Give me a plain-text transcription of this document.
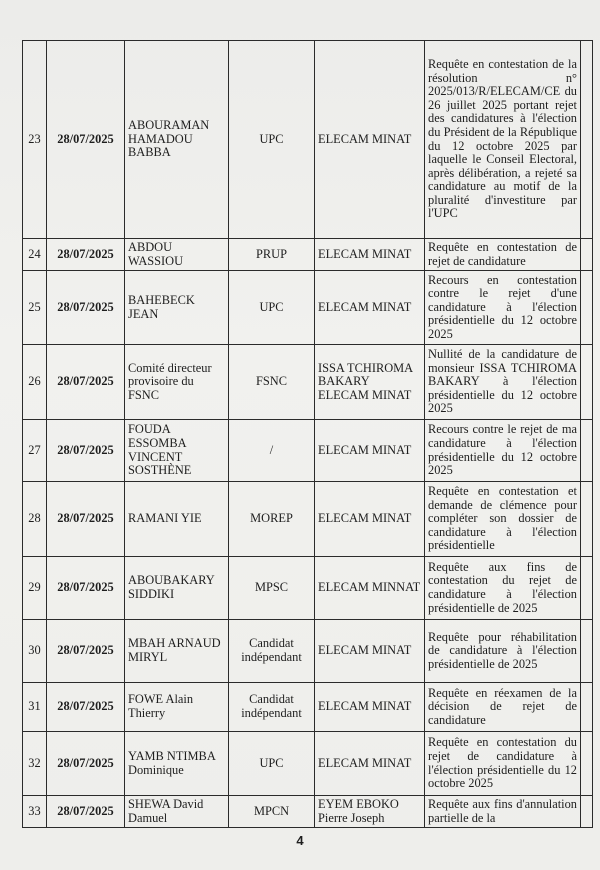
23	28/07/2025	ABOURAMAN HAMADOU BABBA	UPC	ELECAM MINAT	Requête en contestation de la résolution n° 2025/013/R/ELECAM/CE du 26 juillet 2025 portant rejet des candidatures à l'élection du Président de la République du 12 octobre 2025 par laquelle le Conseil Electoral, après délibération, a rejeté sa candidature au motif de la pluralité d'investiture par l'UPC	
24	28/07/2025	ABDOU WASSIOU	PRUP	ELECAM MINAT	Requête en contestation de rejet de candidature	
25	28/07/2025	BAHEBECK JEAN	UPC	ELECAM MINAT	Recours en contestation contre le rejet d'une candidature à l'élection présidentielle du 12 octobre 2025	
26	28/07/2025	Comité directeur provisoire du FSNC	FSNC	ISSA TCHIROMA BAKARY ELECAM MINAT	Nullité de la candidature de monsieur ISSA TCHIROMA BAKARY à l'élection présidentielle du 12 octobre 2025	
27	28/07/2025	FOUDA ESSOMBA VINCENT SOSTHÈNE	/	ELECAM MINAT	Recours contre le rejet de ma candidature à l'élection présidentielle du 12 octobre 2025	
28	28/07/2025	RAMANI YIE	MOREP	ELECAM MINAT	Requête en contestation et demande de clémence pour compléter son dossier de candidature à l'élection présidentielle	
29	28/07/2025	ABOUBAKARY SIDDIKI	MPSC	ELECAM MINNAT	Requête aux fins de contestation du rejet de candidature à l'élection présidentielle de 2025	
30	28/07/2025	MBAH ARNAUD MIRYL	Candidat indépendant	ELECAM MINAT	Requête pour réhabilitation de candidature à l'élection présidentielle de 2025	
31	28/07/2025	FOWE Alain Thierry	Candidat indépendant	ELECAM MINAT	Requête en réexamen de la décision de rejet de candidature	
32	28/07/2025	YAMB NTIMBA Dominique	UPC	ELECAM MINAT	Requête en contestation du rejet de candidature à l'élection présidentielle du 12 octobre 2025	
33	28/07/2025	SHEWA David Damuel	MPCN	EYEM EBOKO Pierre Joseph	Requête aux fins d'annulation partielle de la	
4
